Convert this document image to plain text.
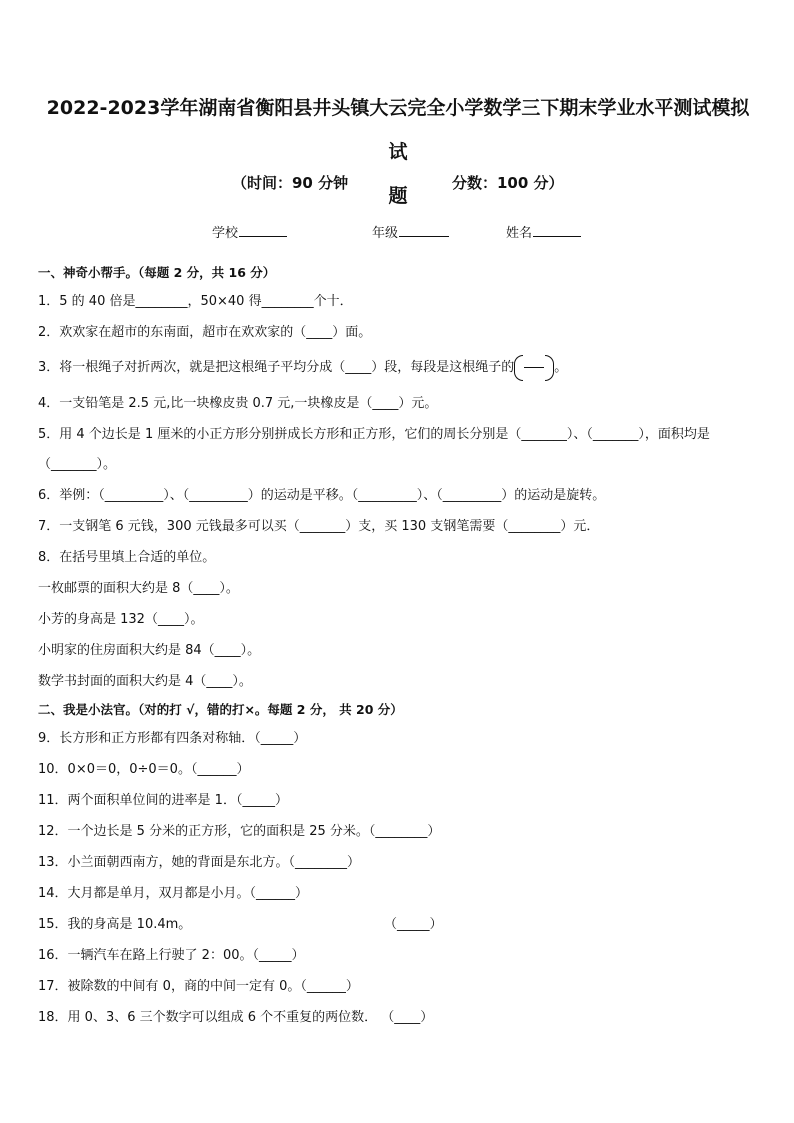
2022-2023学年湖南省衡阳县井头镇大云完全小学数学三下期末学业水平测试模拟试
题
（时间：90 分钟	分数：100 分）
学校	年级	姓名
一、神奇小帮手。（每题 2 分，共 16 分）
1．5 的 40 倍是________，50×40 得________个十．
2．欢欢家在超市的东南面，超市在欢欢家的（____）面。
3．将一根绳子对折两次，就是把这根绳子平均分成（____）段，每段是这根绳子的	。
4．一支铅笔是 2.5 元,比一块橡皮贵 0.7 元,一块橡皮是（____）元。
5．用 4 个边长是 1 厘米的小正方形分别拼成长方形和正方形，它们的周长分别是（_______）、（_______），面积均是
（_______）。
6．举例：（_________）、（_________）的运动是平移。（_________）、（_________）的运动是旋转。
7．一支钢笔 6 元钱，300 元钱最多可以买（_______）支，买 130 支钢笔需要（________）元．
8．在括号里填上合适的单位。
一枚邮票的面积大约是 8（____）。
小芳的身高是 132（____）。
小明家的住房面积大约是 84（____）。
数学书封面的面积大约是 4（____）。
二、我是小法官。（对的打 √，错的打×。每题 2 分， 共 20 分）
9．长方形和正方形都有四条对称轴．（_____）
10．0×0＝0，0÷0＝0。（______）
11．两个面积单位间的进率是 1．（_____）
12．一个边长是 5 分米的正方形，它的面积是 25 分米。（________）
13．小兰面朝西南方，她的背面是东北方。（________）
14．大月都是单月，双月都是小月。（______）
15．我的身高是 10.4m。	（_____）
16．一辆汽车在路上行驶了 2：00。（_____）
17．被除数的中间有 0，商的中间一定有 0。（______）
18．用 0、3、6 三个数字可以组成 6 个不重复的两位数． （____）
